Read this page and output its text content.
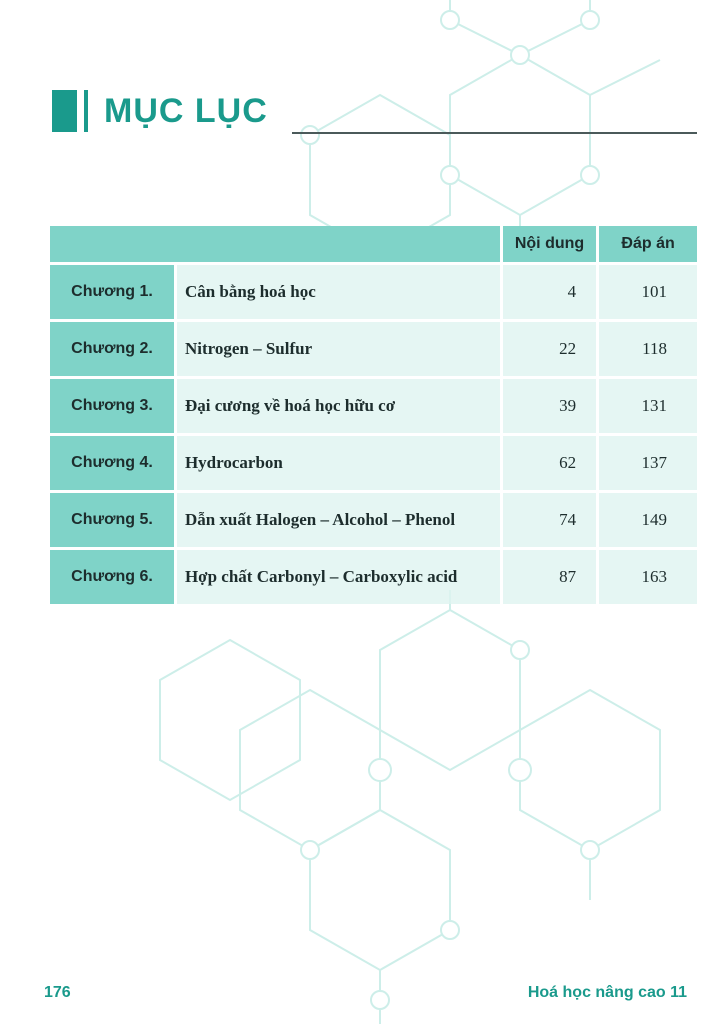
MỤC LỤC
		Nội dung	Đáp án
Chương 1.	Cân bằng hoá học	4	101
Chương 2.	Nitrogen – Sulfur	22	118
Chương 3.	Đại cương về hoá học hữu cơ	39	131
Chương 4.	Hydrocarbon	62	137
Chương 5.	Dẫn xuất Halogen – Alcohol – Phenol	74	149
Chương 6.	Hợp chất Carbonyl – Carboxylic acid	87	163
176	Hoá học nâng cao 11
